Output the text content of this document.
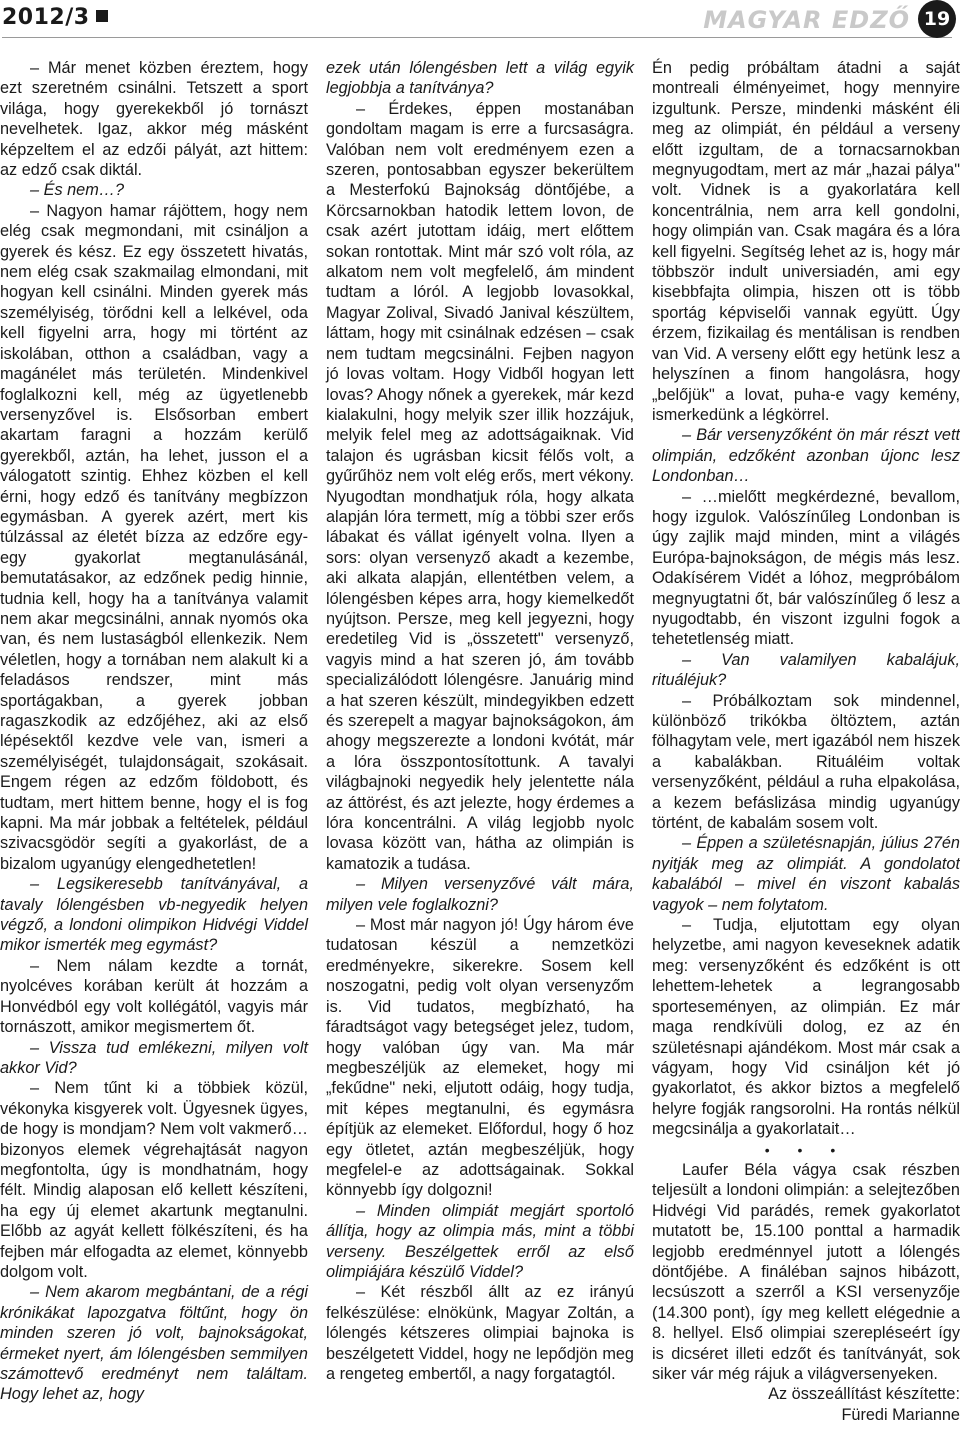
2012/3	MAGYAR EDZŐ 19

– Már menet közben éreztem, hogy ezt szeretném csinálni. Tetszett a sport világa, hogy gyerekekből jó tornászt nevelhetek. Igaz, akkor még másként képzeltem el az edzői pályát, azt hittem: az edző csak diktál.

– És nem…?

– Nagyon hamar rájöttem, hogy nem elég csak megmondani, mit csináljon a gyerek és kész. Ez egy összetett hivatás, nem elég csak szakmailag elmondani, mit hogyan kell csinálni. Minden gyerek más személyiség, törődni kell a lelkével, oda kell figyelni arra, hogy mi történt az iskolában, otthon a családban, vagy a magánélet más területén. Mindenkivel foglalkozni kell, még az ügyetlenebb versenyzővel is. Elsősorban embert akartam faragni a hozzám kerülő gyerekből, aztán, ha lehet, jusson el a válogatott szintig. Ehhez közben el kell érni, hogy edző és tanítvány megbízzon egymásban. A gyerek azért, mert kis túlzással az életét bízza az edzőre egy-egy gyakorlat megtanulásánál, bemutatásakor, az edzőnek pedig hinnie, tudnia kell, hogy ha a tanítványa valamit nem akar megcsinálni, annak nyomós oka van, és nem lustaságból ellenkezik. Nem véletlen, hogy a tornában nem alakult ki a feladásos rendszer, mint más sportágakban, a gyerek jobban ragaszkodik az edzőjéhez, aki az első lépésektől kezdve vele van, ismeri a személyiségét, tulajdonságait, szokásait. Engem régen az edzőm földobott, és tudtam, mert hittem benne, hogy el is fog kapni. Ma már jobbak a feltételek, például szivacsgödör segíti a gyakorlást, de a bizalom ugyanúgy elengedhetetlen!

– Legsikeresebb tanítványával, a tavaly lólengésben vb-negyedik helyen végző, a londoni olimpikon Hidvégi Viddel mikor ismerték meg egymást?

– Nem nálam kezdte a tornát, nyolcéves korában került át hozzám a Honvédból egy volt kollégától, vagyis már tornászott, amikor megismertem őt.

– Vissza tud emlékezni, milyen volt akkor Vid?

– Nem tűnt ki a többiek közül, vékonyka kisgyerek volt. Ügyesnek ügyes, de hogy is mondjam? Nem volt vakmerő… bizonyos elemek végrehajtását nagyon megfontolta, úgy is mondhatnám, hogy félt. Mindig alaposan elő kellett készíteni, ha egy új elemet akartunk megtanulni. Előbb az agyát kellett fölkészíteni, és ha fejben már elfogadta az elemet, könnyebb dolgom volt.

– Nem akarom megbántani, de a régi krónikákat lapozgatva föltűnt, hogy ön minden szeren jó volt, bajnokságokat, érmeket nyert, ám lólengésben semmilyen számottevő eredményt nem találtam. Hogy lehet az, hogy

ezek után lólengésben lett a világ egyik legjobbja a tanítványa?

– Érdekes, éppen mostanában gondoltam magam is erre a furcsaságra. Valóban nem volt eredményem ezen a szeren, pontosabban egyszer bekerültem a Mesterfokú Bajnokság döntőjébe, a Körcsarnokban hatodik lettem lovon, de csak azért jutottam idáig, mert előttem sokan rontottak. Mint már szó volt róla, az alkatom nem volt megfelelő, ám mindent tudtam a lóról. A legjobb lovasokkal, Magyar Zolival, Sivadó Janival készültem, láttam, hogy mit csinálnak edzésen – csak nem tudtam megcsinálni. Fejben nagyon jó lovas voltam. Hogy Vidből hogyan lett lovas? Ahogy nőnek a gyerekek, már kezd kialakulni, hogy melyik szer illik hozzájuk, melyik felel meg az adottságaiknak. Vid talajon és ugrásban kicsit félős volt, a gyűrűhöz nem volt elég erős, mert vékony. Nyugodtan mondhatjuk róla, hogy alkata alapján lóra termett, míg a többi szer erős lábakat és vállat igényelt volna. Ilyen a sors: olyan versenyző akadt a kezembe, aki alkata alapján, ellentétben velem, a lólengésben képes arra, hogy kiemelkedőt nyújtson. Persze, meg kell jegyezni, hogy eredetileg Vid is „összetett" versenyző, vagyis mind a hat szeren jó, ám tovább specializálódott lólengésre. Januárig mind a hat szeren készült, mindegyikben edzett és szerepelt a magyar bajnokságokon, ám ahogy megszerezte a londoni kvótát, már a lóra összpontosítottunk. A tavalyi világbajnoki negyedik hely jelentette nála az áttörést, és azt jelezte, hogy érdemes a lóra koncentrálni. A világ legjobb nyolc lovasa között van, hátha az olimpián is kamatozik a tudása.

– Milyen versenyzővé vált mára, milyen vele foglalkozni?

– Most már nagyon jó! Úgy három éve tudatosan készül a nemzetközi eredményekre, sikerekre. Sosem kell noszogatni, pedig volt olyan versenyzőm is. Vid tudatos, megbízható, ha fáradtságot vagy betegséget jelez, tudom, hogy valóban úgy van. Ma már megbeszéljük az elemeket, hogy mi „fekűdne" neki, eljutott odáig, hogy tudja, mit képes megtanulni, és egymásra építjük az elemeket. Előfordul, hogy ő hoz egy ötletet, aztán megbeszéljük, hogy megfelel-e az adottságainak. Sokkal könnyebb így dolgozni!

– Minden olimpiát megjárt sportoló állítja, hogy az olimpia más, mint a többi verseny. Beszélgettek erről az első olimpiájára készülő Viddel?

– Két részből állt az ez irányú felkészülése: elnökünk, Magyar Zoltán, a lólengés kétszeres olimpiai bajnoka is beszélgetett Viddel, hogy ne lepődjön meg a rengeteg embertől, a nagy forgatagtól.

Én pedig próbáltam átadni a saját montreali élményeimet, hogy mennyire izgultunk. Persze, mindenki másként éli meg az olimpiát, én például a verseny előtt izgultam, de a tornacsarnokban megnyugodtam, mert az már „hazai pálya" volt. Vidnek is a gyakorlatára kell koncentrálnia, nem arra kell gondolni, hogy olimpián van. Csak magára és a lóra kell figyelni. Segítség lehet az is, hogy már többször indult universiadén, ami egy kisebbfajta olimpia, hiszen ott is több sportág képviselői vannak együtt. Úgy érzem, fizikailag és mentálisan is rendben van Vid. A verseny előtt egy hetünk lesz a helyszínen a finom hangolásra, hogy „belőjük" a lovat, puha-e vagy kemény, ismerkedünk a légkörrel.

– Bár versenyzőként ön már részt vett olimpián, edzőként azonban újonc lesz Londonban…

– …mielőtt megkérdezné, bevallom, hogy izgulok. Valószínűleg Londonban is úgy zajlik majd minden, mint a világés Európa-bajnokságon, de mégis más lesz. Odakísérem Vidét a lóhoz, megpróbálom megnyugtatni őt, bár valószínűleg ő lesz a nyugodtabb, én viszont izgulni fogok a tehetetlenség miatt.

– Van valamilyen kabalájuk, rituáléjuk?

– Próbálkoztam sok mindennel, különböző trikókba öltöztem, aztán fölhagytam vele, mert igazából nem hiszek a kabalákban. Rituáléim voltak versenyzőként, például a ruha elpakolása, a kezem befáslizása mindig ugyanúgy történt, de kabalám sosem volt.

– Éppen a születésnapján, július 27én nyitják meg az olimpiát. A gondolatot kabalából – mivel én viszont kabalás vagyok – nem folytatom.

– Tudja, eljutottam egy olyan helyzetbe, ami nagyon keveseknek adatik meg: versenyzőként és edzőként is ott lehettem-lehetek a legrangosabb sporteseményen, az olimpián. Ez már maga rendkívüli dolog, ez az én születésnapi ajándékom. Most már csak a vágyam, hogy Vid csináljon két jó gyakorlatot, és akkor biztos a megfelelő helyre fogják rangsorolni. Ha rontás nélkül megcsinálja a gyakorlatait…

• • •

Laufer Béla vágya csak részben teljesült a londoni olimpián: a selejtezőben Hidvégi Vid parádés, remek gyakorlatot mutatott be, 15.100 ponttal a harmadik legjobb eredménnyel jutott a lólengés döntőjébe. A fináléban sajnos hibázott, lecsúszott a szerről a KSI versenyzője (14.300 pont), így meg kellett elégednie a 8. hellyel. Első olimpiai szerepléseért így is dicséret illeti edzőt és tanítványát, sok siker vár még rájuk a világversenyeken.

Az összeállítást készítette:

Füredi Marianne
